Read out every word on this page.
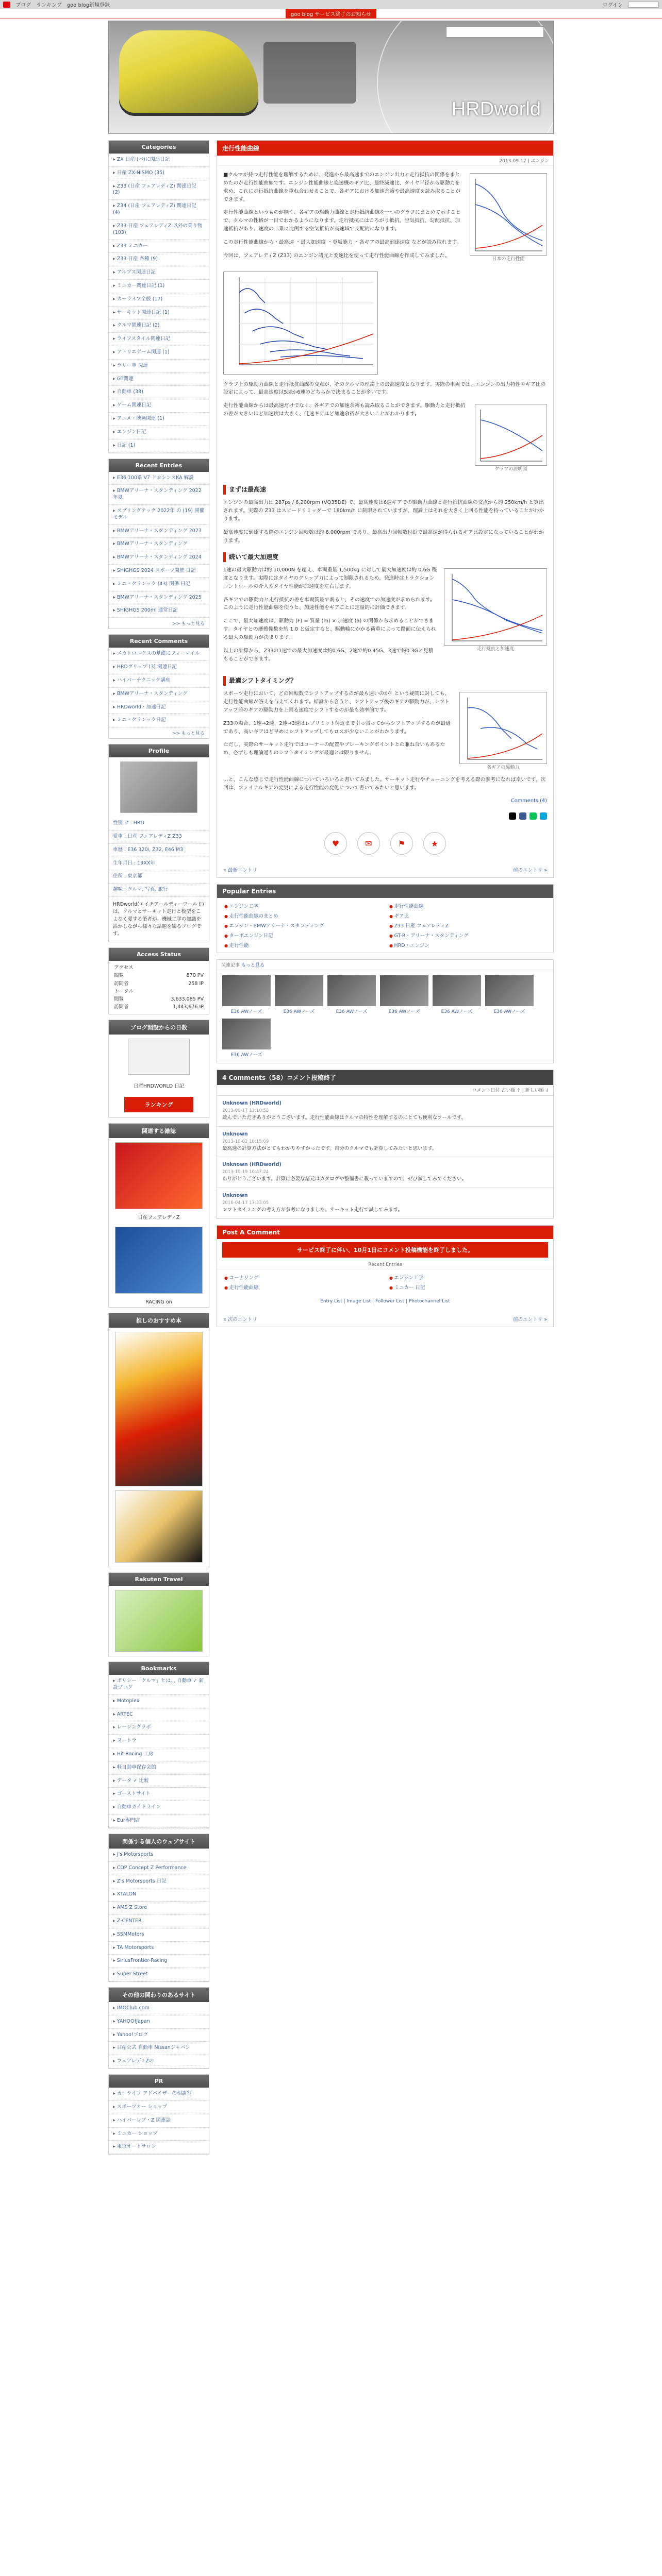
ブログ ランキング goo blog新規登録	ログイン
goo blog サービス終了のお知らせ
HRDworld
Categories
▸ ZX 日産 (パ)に関連日記
▸ 日産 ZX-NISMO (35)
▸ Z33 (日産 フェアレディZ) 関連日記 (2)
▸ Z34 (日産 フェアレディZ) 関連日記 (4)
▸ Z33 日産 フェアレディZ 以外の乗り物 (103)
▸ Z33 ミニカー
▸ Z33 日産 各種 (9)
▸ アルプス関連日記
▸ ミニカー関連日記 (1)
▸ カーライフ全般 (17)
▸ サーキット関連日記 (1)
▸ クルマ関連日記 (2)
▸ ライフスタイル関連日記
▸ アトリエゲーム関連 (1)
▸ ラリー車 関連
▸ GT関連
▸ 自動車 (38)
▸ ゲーム関連日記
▸ アニメ・映画関連 (1)
▸ エンジン日記
▸ 日記 (1)
Recent Entries
▸ E36 100系 V7 トヨシンスKA 解説
▸ BMWアリーナ・スタンディング 2022年夏
▸ スプリングテック 2022年 の (19) 開催モデル
▸ BMWアリーナ・スタンディング 2023
▸ BMWアリーナ・スタンディング
▸ BMWアリーナ・スタンディング 2024
▸ SHIGHGS 2024 スポーツ開催 日記
▸ ミニ・クラシック (43) 関係 日記
▸ BMWアリーナ・スタンディング 2025
▸ SHIGHGS 200ml 通常日記
>> もっと見る
Recent Comments
▸ メカトロニクスの基礎にフォーマイル
▸ HRDグリップ (3) 関連日記
▸ ハイパーテクニック講座
▸ BMWアリーナ・スタンディング
▸ HRDworld・加速日記
▸ ミニ・クラシック日記
>> もっと見る
Profile
性別 ♂ : HRD
愛車 : 日産 フェアレディZ Z33
車歴 : E36 320i, Z32, E46 M3
生年月日 : 19XX年
住所 : 東京都
趣味 : クルマ, 写真, 旅行
HRDworld(エイチアールディーワールド)は、クルマとサーキット走行と模型をこよなく愛する筆者が、機械工学の知識を活かしながら様々な話題を綴るブログです。
Access Status
アクセス
閲覧	870 PV
訪問者	258 IP
トータル
閲覧	3,633,085 PV
訪問者	1,443,676 IP
ブログ開設からの日数
日産HRDWORLD 日記
ランキング
関連する雑誌
日産フェアレディZ
RACING on
推しのおすすめ本
Rakuten Travel
Bookmarks
▸ ポリシー「クルマ」とは... 自動車 ✓ 新設ブログ
▸ Motoplex
▸ ARTEC
▸ レーシングラボ
▸ ヌートラ
▸ Hit Racing 工房
▸ 軽自動車保存会館
▸ データ ✓ 比較
▸ ゴーストサイト
▸ 自動車ガイドライン
▸ Eur専門店
関係する個人のウェブサイト
▸ J's Motorsports
▸ CDP Concept Z Performance
▸ Z's Motorsports 日記
▸ XTALON
▸ AMS Z Store
▸ Z-CENTER
▸ SSMMotors
▸ TA Motorsports
▸ SiriusFrontier-Racing
▸ Super Street
その他の関わりのあるサイト
▸ IMOClub.com
▸ YAHOO!Japan
▸ Yahoo!ブログ
▸ 日産公式 自動車 Nissanジャパン
▸ フェアレディZの
PR
▸ カーライフ アドバイザーの相談室
▸ スポーツカー ショップ
▸ ハイパーレブ・Z 関連誌
▸ ミニカー ショップ
▸ 東京オートサロン
走行性能曲線
2013-09-17 | エンジン
日本の走行性能

■クルマが持つ走行性能を理解するために、発進から最高速までのエンジン出力と走行抵抗の関係をまとめたのが走行性能曲線です。エンジン性能曲線と変速機のギア比、最終減速比、タイヤ半径から駆動力を求め、これに走行抵抗曲線を重ね合わせることで、各ギアにおける加速余裕や最高速度を読み取ることができます。

走行性能曲線というものが無く、各ギアの駆動力曲線と走行抵抗曲線を一つのグラフにまとめて示すことで、クルマの性格が一目でわかるようになります。走行抵抗にはころがり抵抗、空気抵抗、勾配抵抗、加速抵抗があり、速度の二乗に比例する空気抵抗が高速域で支配的になります。

この走行性能曲線から・最高速 ・最大加速度 ・登坂能力 ・各ギアの最高到達速度 などが読み取れます。

今回は、フェアレディZ (Z33) のエンジン諸元と変速比を使って走行性能曲線を作成してみました。

グラフ上の駆動力曲線と走行抵抗曲線の交点が、そのクルマの理論上の最高速度となります。実際の車両では、エンジンの出力特性やギア比の設定によって、最高速度は5速か6速のどちらかで決まることが多いです。

グラフの説明図

走行性能曲線からは最高速だけでなく、各ギアでの加速余裕も読み取ることができます。駆動力と走行抵抗の差が大きいほど加速度は大きく、低速ギアほど加速余裕が大きいことがわかります。

まずは最高速

エンジンの最高出力は 287ps / 6,200rpm (VQ35DE) で、最高速度は6速ギアでの駆動力曲線と走行抵抗曲線の交点から約 250km/h と算出されます。実際の Z33 はスピードリミッターで 180km/h に制限されていますが、理論上はそれを大きく上回る性能を持っていることがわかります。

最高速度に到達する際のエンジン回転数は約 6,000rpm であり、最高出力回転数付近で最高速が得られるギア比設定になっていることがわかります。

続いて最大加速度
走行抵抗と加速度

1速の最大駆動力は約 10,000N を超え、車両重量 1,500kg に対して最大加速度は約 0.6G 程度となります。実際にはタイヤのグリップ力によって制限されるため、発進時はトラクションコントロールの介入やタイヤ性能が加速度を左右します。

各ギアでの駆動力と走行抵抗の差を車両質量で割ると、その速度での加速度が求められます。このように走行性能曲線を使うと、加速性能をギアごとに定量的に評価できます。

ここで、最大加速度は、駆動力 (F) = 質量 (m) × 加速度 (a) の関係から求めることができます。タイヤとの摩擦係数を約 1.0 と仮定すると、駆動輪にかかる荷重によって路面に伝えられる最大の駆動力が決まります。

以上の計算から、Z33の1速での最大加速度は約0.6G、2速で約0.45G、3速で約0.3Gと見積もることができます。

最適シフトタイミング？
各ギアの駆動力

スポーツ走行において、どの回転数でシフトアップするのが最も速いのか？という疑問に対しても、走行性能曲線が答えを与えてくれます。結論から言うと、シフトアップ後のギアの駆動力が、シフトアップ前のギアの駆動力を上回る速度でシフトするのが最も効率的です。

Z33の場合、1速→2速、2速→3速はレブリミット付近まで引っ張ってからシフトアップするのが最適であり、高いギアほど早めにシフトアップしてもロスが少ないことがわかります。

ただし、実際のサーキット走行ではコーナーの配置やブレーキングポイントとの兼ね合いもあるため、必ずしも理論通りのシフトタイミングが最適とは限りません。

…と、こんな感じで走行性能曲線についていろいろと書いてみました。サーキット走行やチューニングを考える際の参考になれば幸いです。次回は、ファイナルギアの変更による走行性能の変化について書いてみたいと思います。

Comments (4)
♥	✉	⚑	★
« 最新エントリ	前のエントリ »
Popular Entries
● エンジン工学	● 走行性能曲線
● 走行性能曲線のまとめ	● ギア比
● エンジン・BMWアリーナ・スタンディング	● Z33 日産 フェアレディZ
● ターボエンジン日記	● GT-R・アリーナ・スタンディング
● 走行性能	● HRD・エンジン
関連記事 もっと見る
E36 AWノーズ	E36 AWノーズ	E36 AWノーズ	E36 AWノーズ	E36 AWノーズ	E36 AWノーズ
E36 AWノーズ
4 Comments（58）コメント投稿終了
コメント日付 古い順 ↑ | 新しい順 ↓
Unknown (HRDworld)
2013-09-17 13:10:53
読んでいただきありがとうございます。走行性能曲線はクルマの特性を理解するのにとても便利なツールです。
Unknown
2013-10-02 10:15:09
最高速の計算方法がとてもわかりやすかったです。自分のクルマでも計算してみたいと思います。
Unknown (HRDworld)
2013-10-19 10:47:24
ありがとうございます。計算に必要な諸元はカタログや整備書に載っていますので、ぜひ試してみてください。
Unknown
2016-04-17 17:33:05
シフトタイミングの考え方が参考になりました。サーキット走行で試してみます。
Post A Comment
サービス終了に伴い、10月1日にコメント投稿機能を終了しました。
Recent Entries
● コーナリング	● エンジン工学
● 走行性能曲線	● ミニカー 日記
Entry List | Image List | Follower List | Photochannel List
« 次のエントリ	前のエントリ »
